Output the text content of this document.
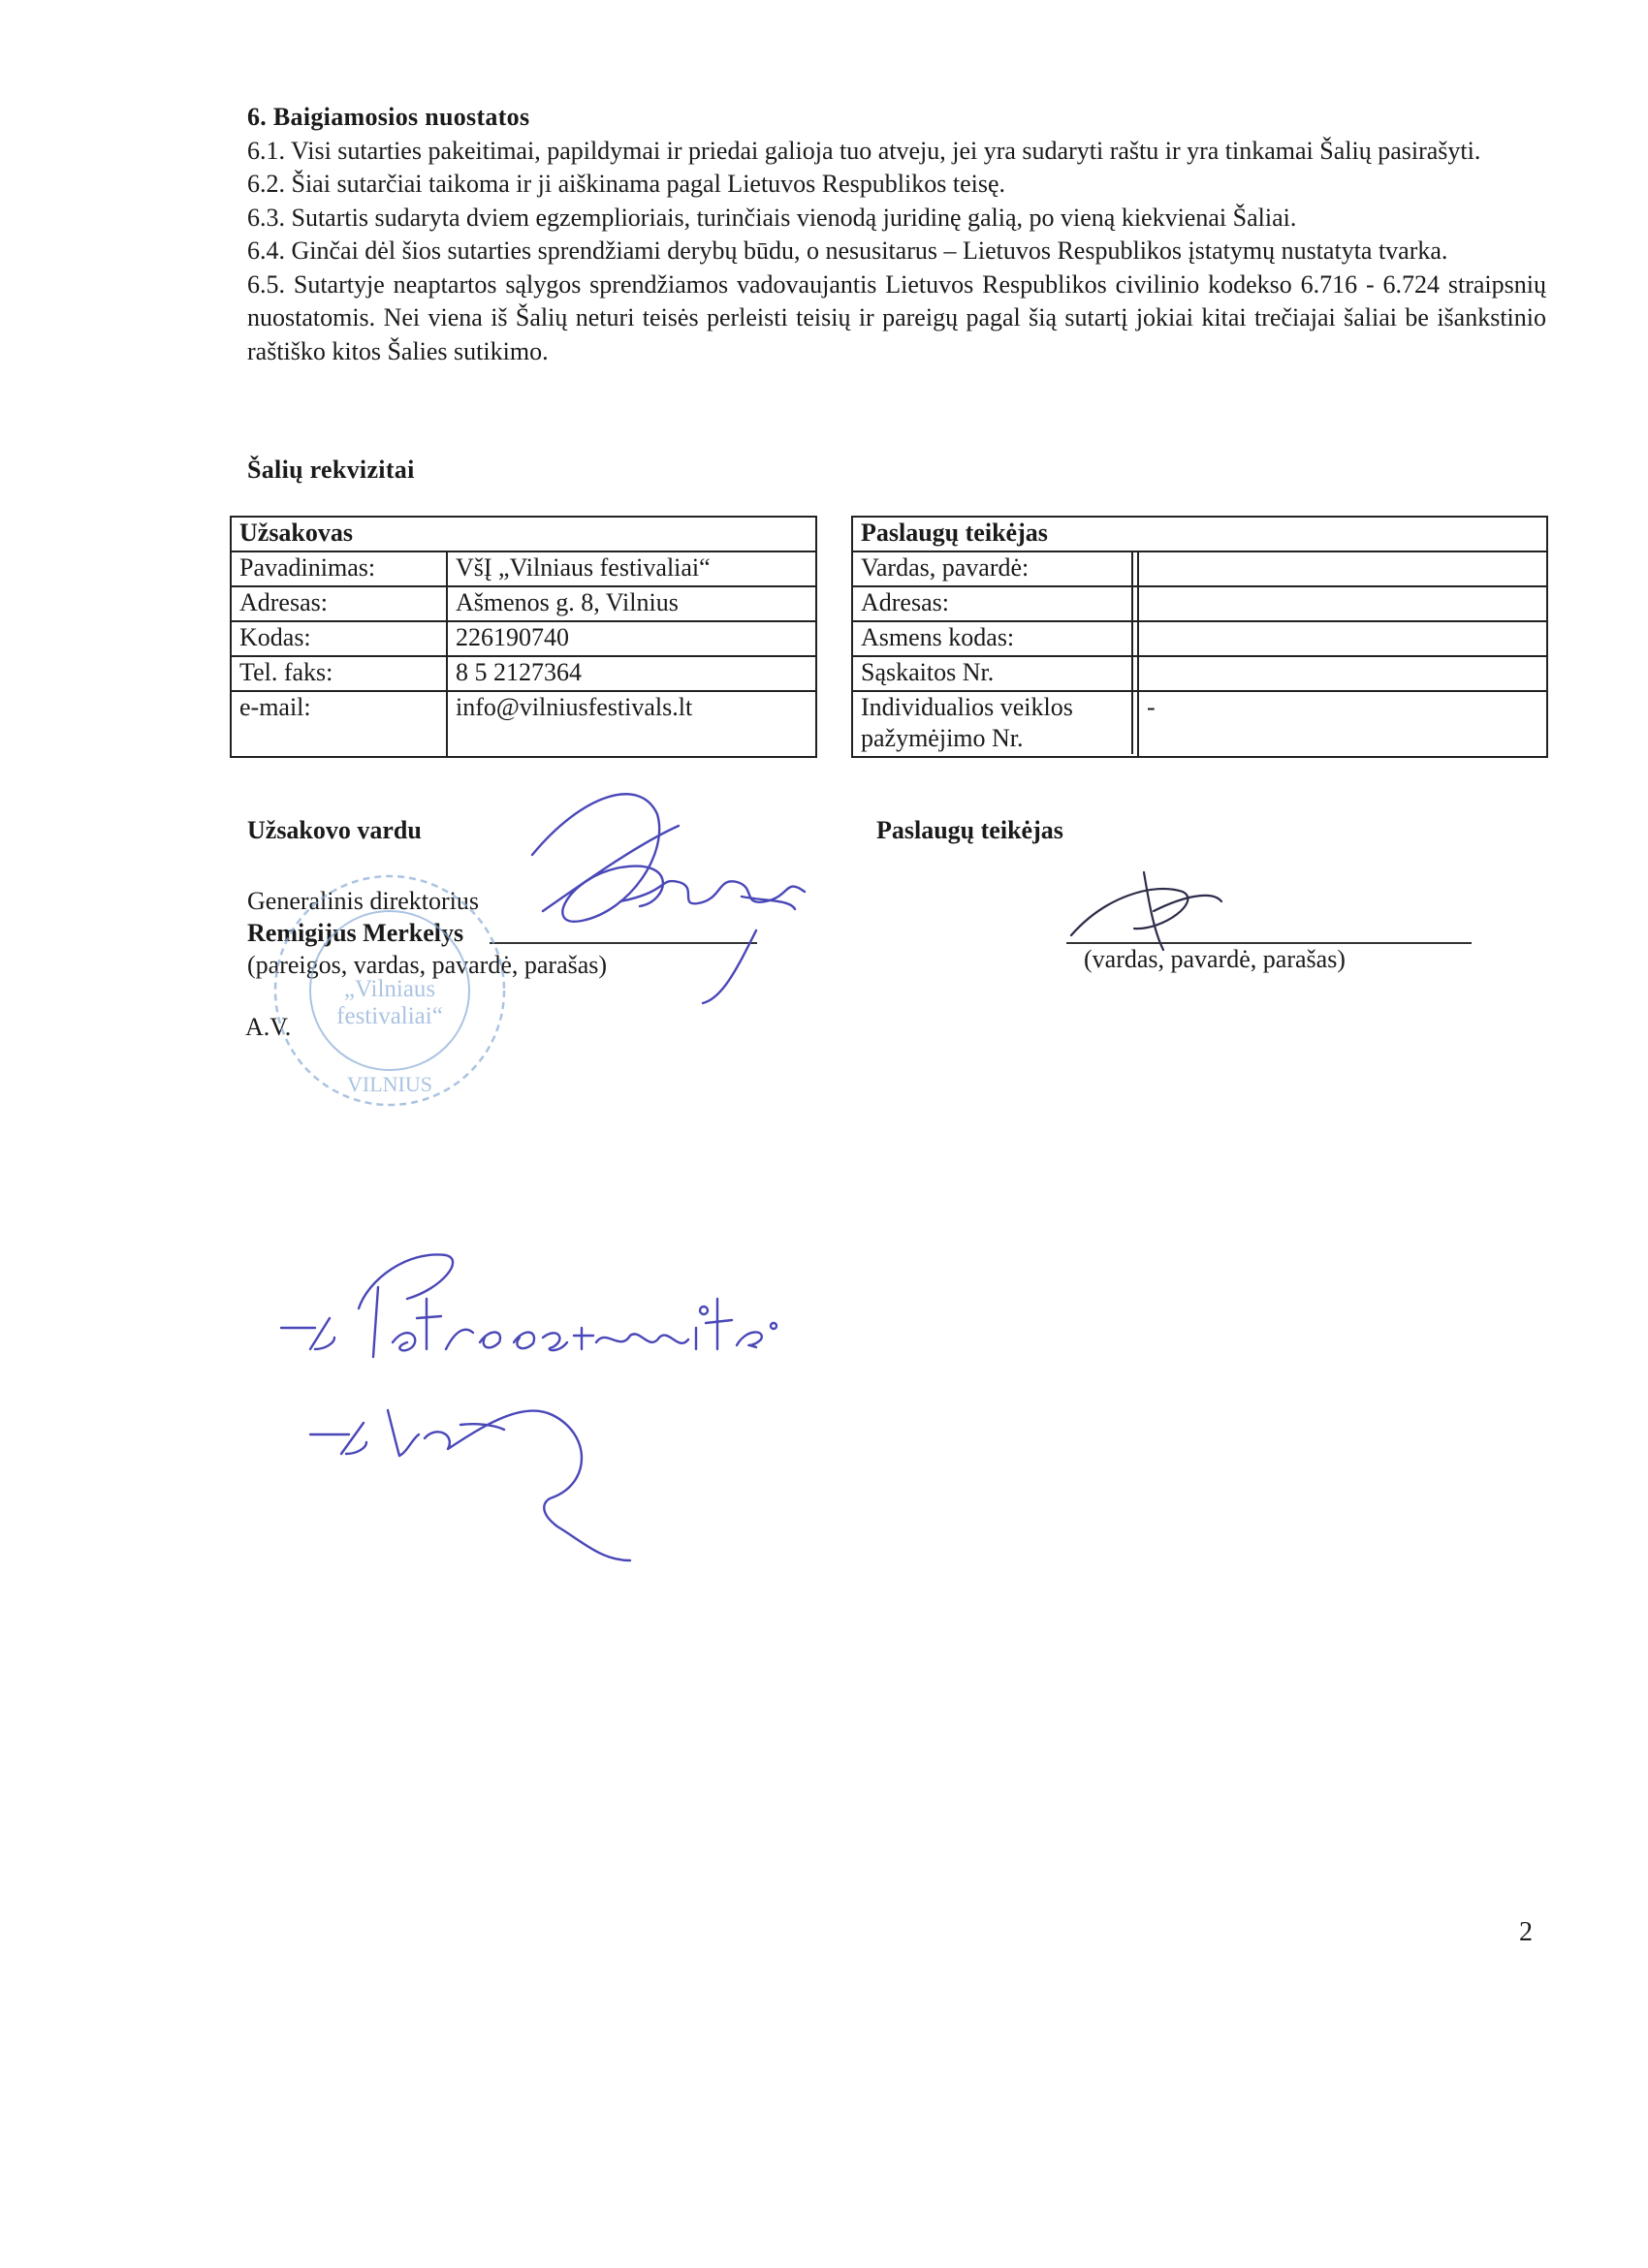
6. Baigiamosios nuostatos

6.1. Visi sutarties pakeitimai, papildymai ir priedai galioja tuo atveju, jei yra sudaryti raštu ir yra tinkamai Šalių pasirašyti.

6.2. Šiai sutarčiai taikoma ir ji aiškinama pagal Lietuvos Respublikos teisę.

6.3. Sutartis sudaryta dviem egzemplioriais, turinčiais vienodą juridinę galią, po vieną kiekvienai Šaliai.

6.4. Ginčai dėl šios sutarties sprendžiami derybų būdu, o nesusitarus – Lietuvos Respublikos įstatymų nustatyta tvarka.

6.5. Sutartyje neaptartos sąlygos sprendžiamos vadovaujantis Lietuvos Respublikos civilinio kodekso 6.716 - 6.724 straipsnių nuostatomis. Nei viena iš Šalių neturi teisės perleisti teisių ir pareigų pagal šią sutartį jokiai kitai trečiajai šaliai be išankstinio raštiško kitos Šalies sutikimo.

Šalių rekvizitai
Užsakovas	
Pavadinimas:	VšĮ „Vilniaus festivaliai“
Adresas:	Ašmenos g. 8, Vilnius
Kodas:	226190740
Tel. faks:	8 5 2127364
e-mail:	info@vilniusfestivals.lt
Paslaugų teikėjas	
Vardas, pavardė:	
Adresas:	
Asmens kodas:	
Sąskaitos Nr.	
Individualios veiklos pažymėjimo Nr.	-
Užsakovo vardu
Generalinis direktorius
Remigijus Merkelys
(pareigos, vardas, pavardė, parašas)
A.V.
Paslaugų teikėjas
(vardas, pavardė, parašas)
2
„Vilniaus
festivaliai“
VILNIUS
